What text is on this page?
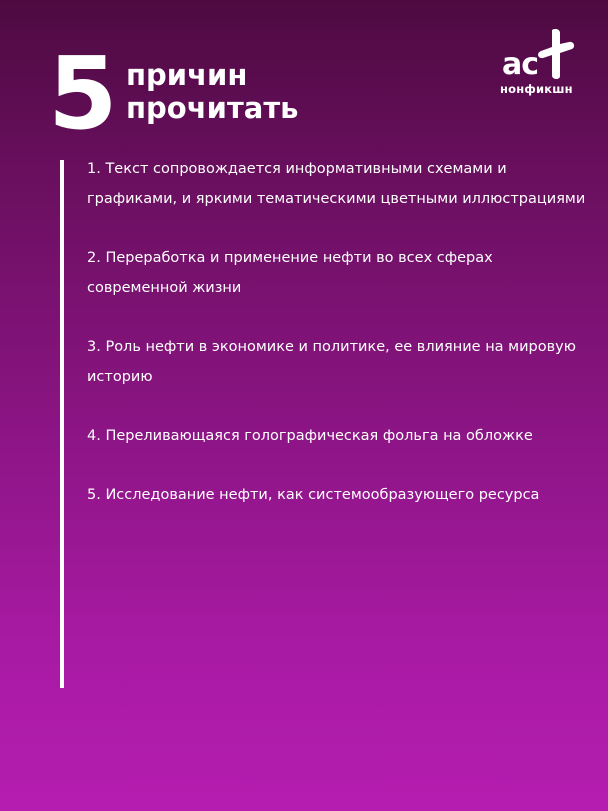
5 причин
прочитать
ас
нонфикшн
1. Текст сопровождается информативными схемами и графиками, и яркими тематическими цветными иллюстрациями
2. Переработка и применение нефти во всех сферах современной жизни
3. Роль нефти в экономике и политике, ее влияние на мировую историю
4. Переливающаяся голографическая фольга на обложке
5. Исследование нефти, как системообразующего ресурса
